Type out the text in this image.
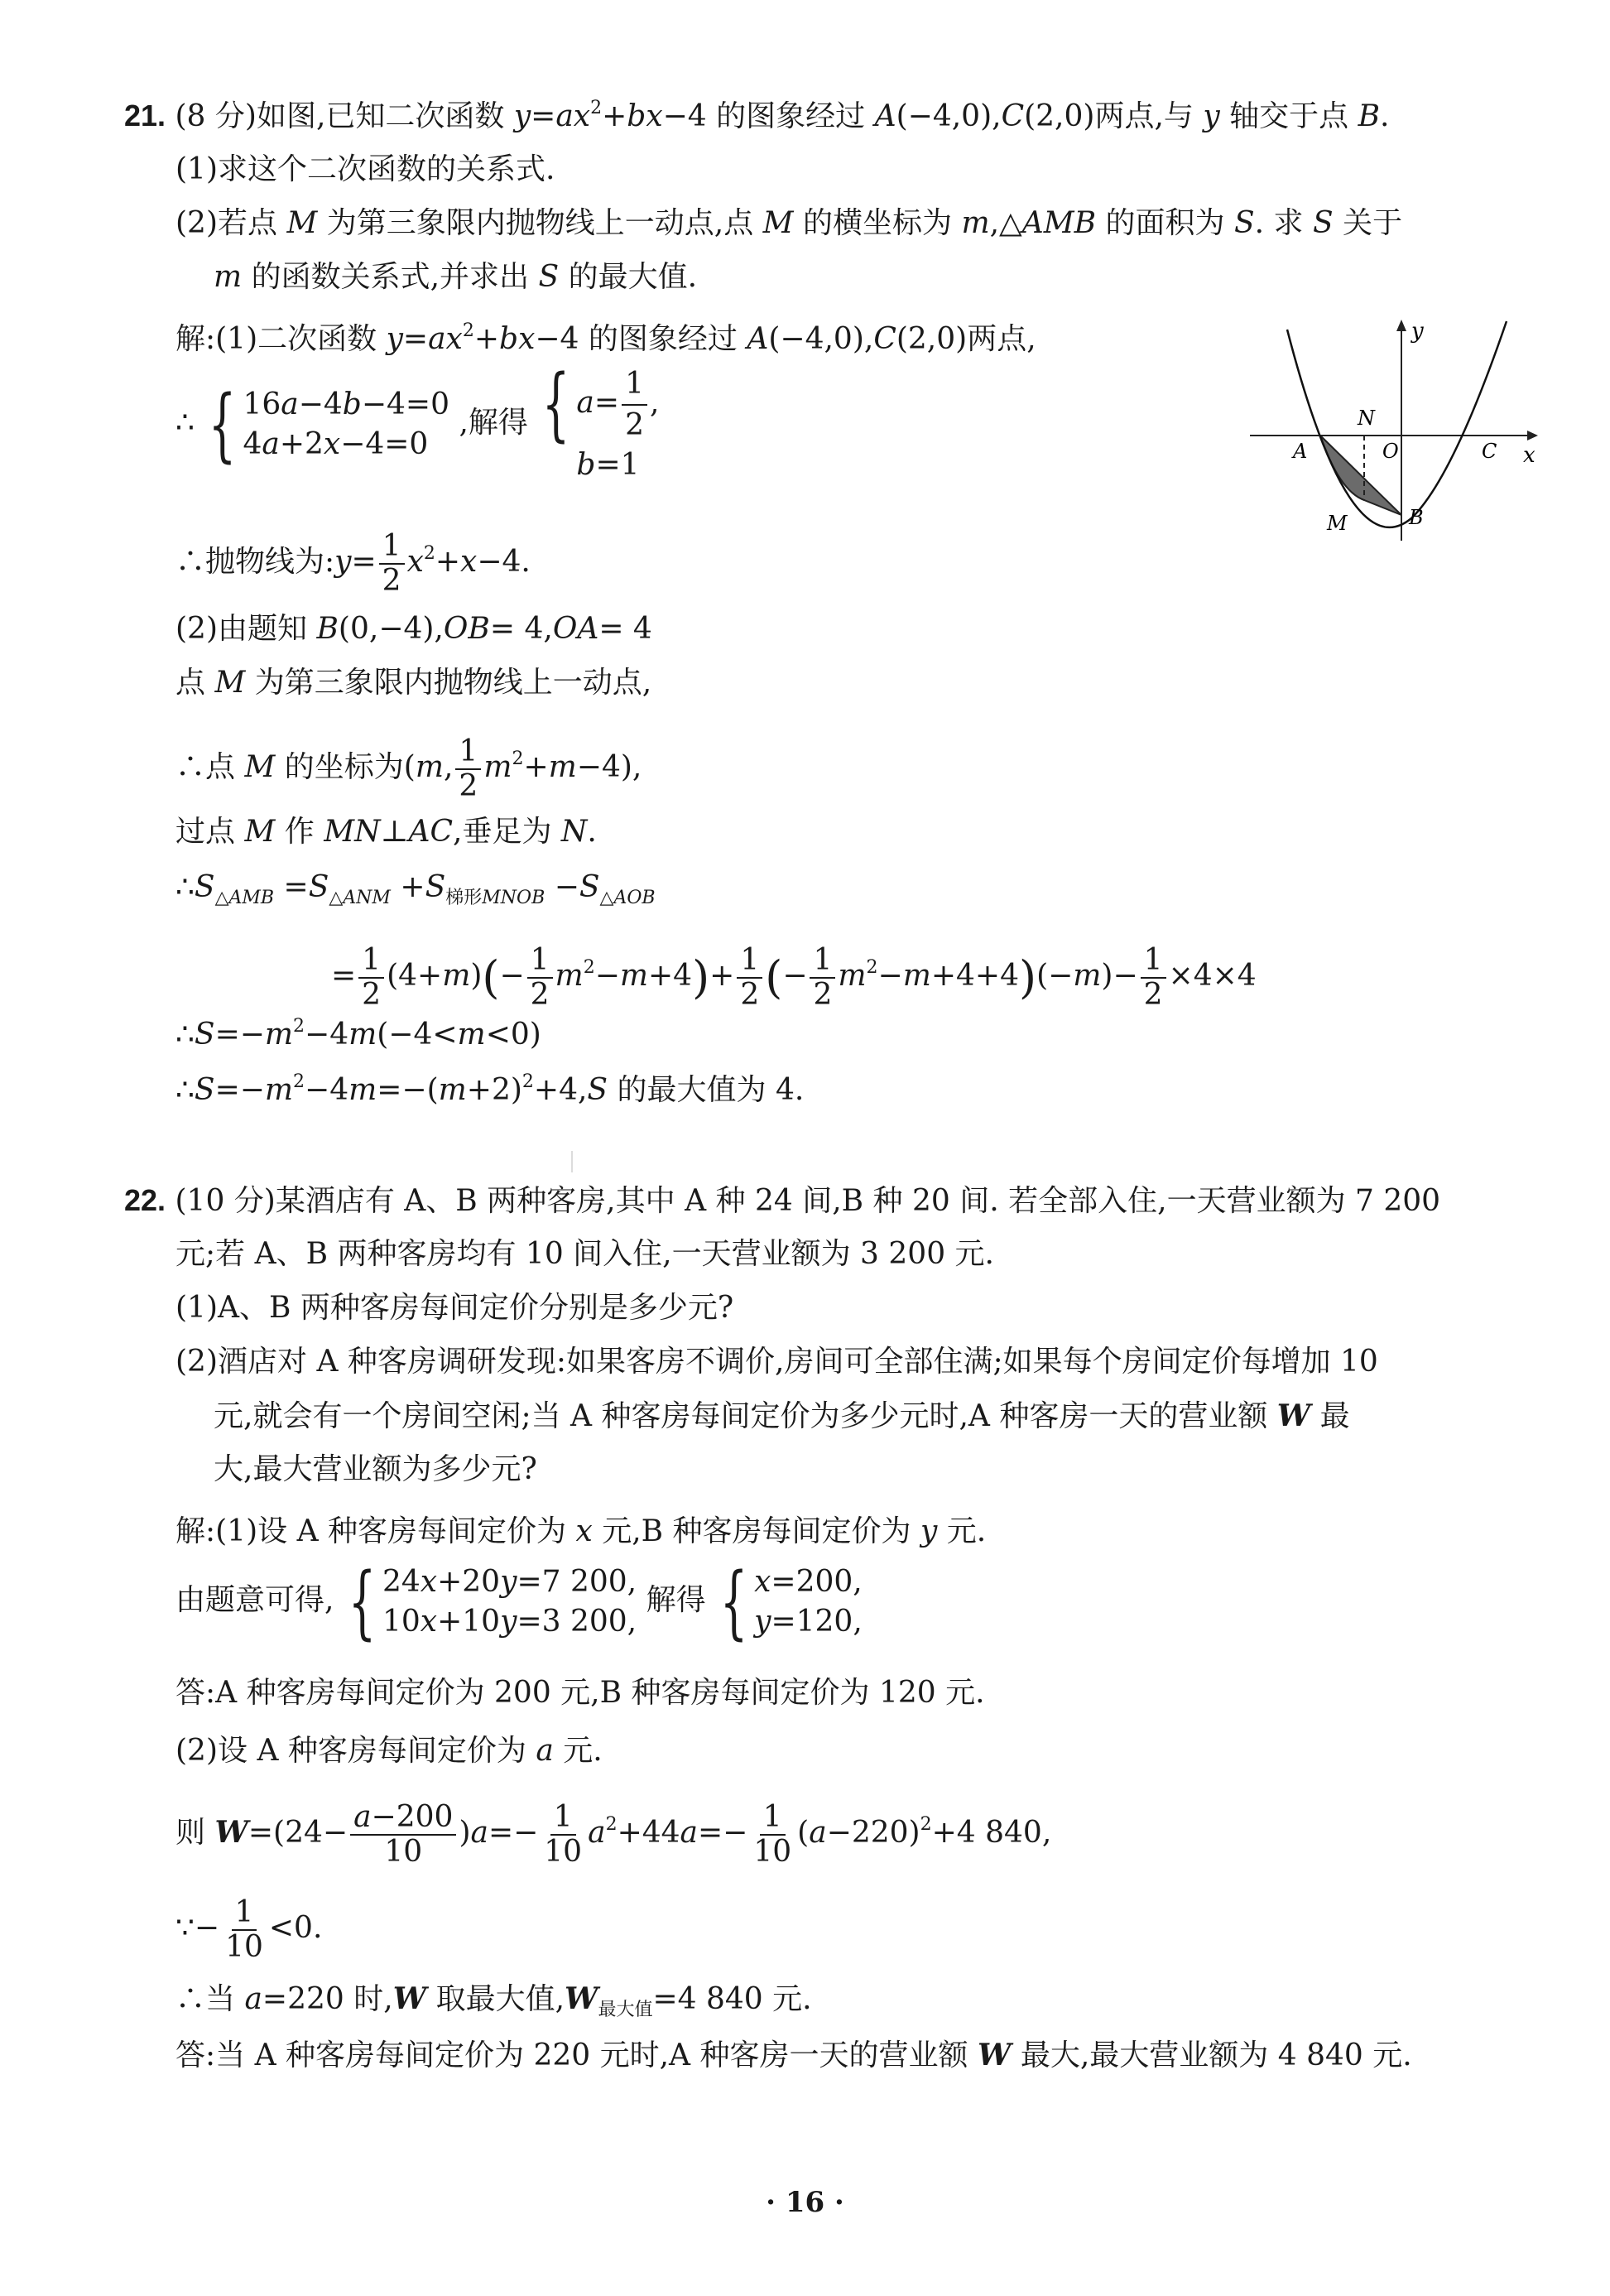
21. (8 分)如图,已知二次函数 $y=ax^2+bx-4$ 的图象经过 A(−4,0),C(2,0)两点,与 y 轴交于点 B.
(1)求这个二次函数的关系式.
(2)若点 M 为第三象限内抛物线上一动点,点 M 的横坐标为 m,△AMB 的面积为 S. 求 S 关于
m 的函数关系式,并求出 S 的最大值.
解:(1)二次函数 $y=ax^2+bx-4$ 的图象经过 A(−4,0),C(2,0)两点,
∴ { 16a−4b−4=0
4a+2x−4=0
,解得 { $a= \frac{1}{2}$ ,
b=1
∴抛物线为:y= $\frac{1}{2} x^2+x-4$.
(2)由题知 B(0,−4),OB= 4,OA= 4
点 M 为第三象限内抛物线上一动点,
∴点 M 的坐标为(m, $\frac{1}{2} m^2+m-4$),
过点 M 作 MN⊥AC,垂足为 N.
$\therefore S_{\triangle AMB} =S_{\triangle ANM} +S_{梯形MNOB} -S_{\triangle AOB}$
= $\frac{1}{2} (4+m)(- \frac{1}{2} m^2-m+4)+ \frac{1}{2}$ (− $\frac{1}{2} m^2-m+4+4)(-m)- \frac{1}{2} \times 4\times 4$
$\therefore S=-m^2-4m(-4<m<0)$
$\therefore S=-m^2-4m=-(m+2)^2+4,S$ 的最大值为 4.
y
x
N
A	O	C
M	B
22. (10 分)某酒店有 A、B 两种客房,其中 A 种 24 间,B 种 20 间. 若全部入住,一天营业额为 7 200
元;若 A、B 两种客房均有 10 间入住,一天营业额为 3 200 元.
(1)A、B 两种客房每间定价分别是多少元?
(2)酒店对 A 种客房调研发现:如果客房不调价,房间可全部住满;如果每个房间定价每增加 10
元,就会有一个房间空闲;当 A 种客房每间定价为多少元时,A 种客房一天的营业额 W 最
大,最大营业额为多少元?
解:(1)设 A 种客房每间定价为 x 元,B 种客房每间定价为 y 元.
由题意可得, { 24x+20y=7 200,
10x+10y=3 200,
解得 { x=200,
y=120,
答:A 种客房每间定价为 200 元,B 种客房每间定价为 120 元.
(2)设 A 种客房每间定价为 a 元.
则 $W=(24- \frac{a-200}{10} )a=- \frac{1}{10} a^2+44a=- \frac{1}{10} (a-220)^2+4$ 840,
∵− $\frac{1}{10} <0$.
∴当 a=220 时,W 取最大值$,W_{最大值}=4$ 840 元.
答:当 A 种客房每间定价为 220 元时,A 种客房一天的营业额 W 最大,最大营业额为 4 840 元.
· 16 ·
